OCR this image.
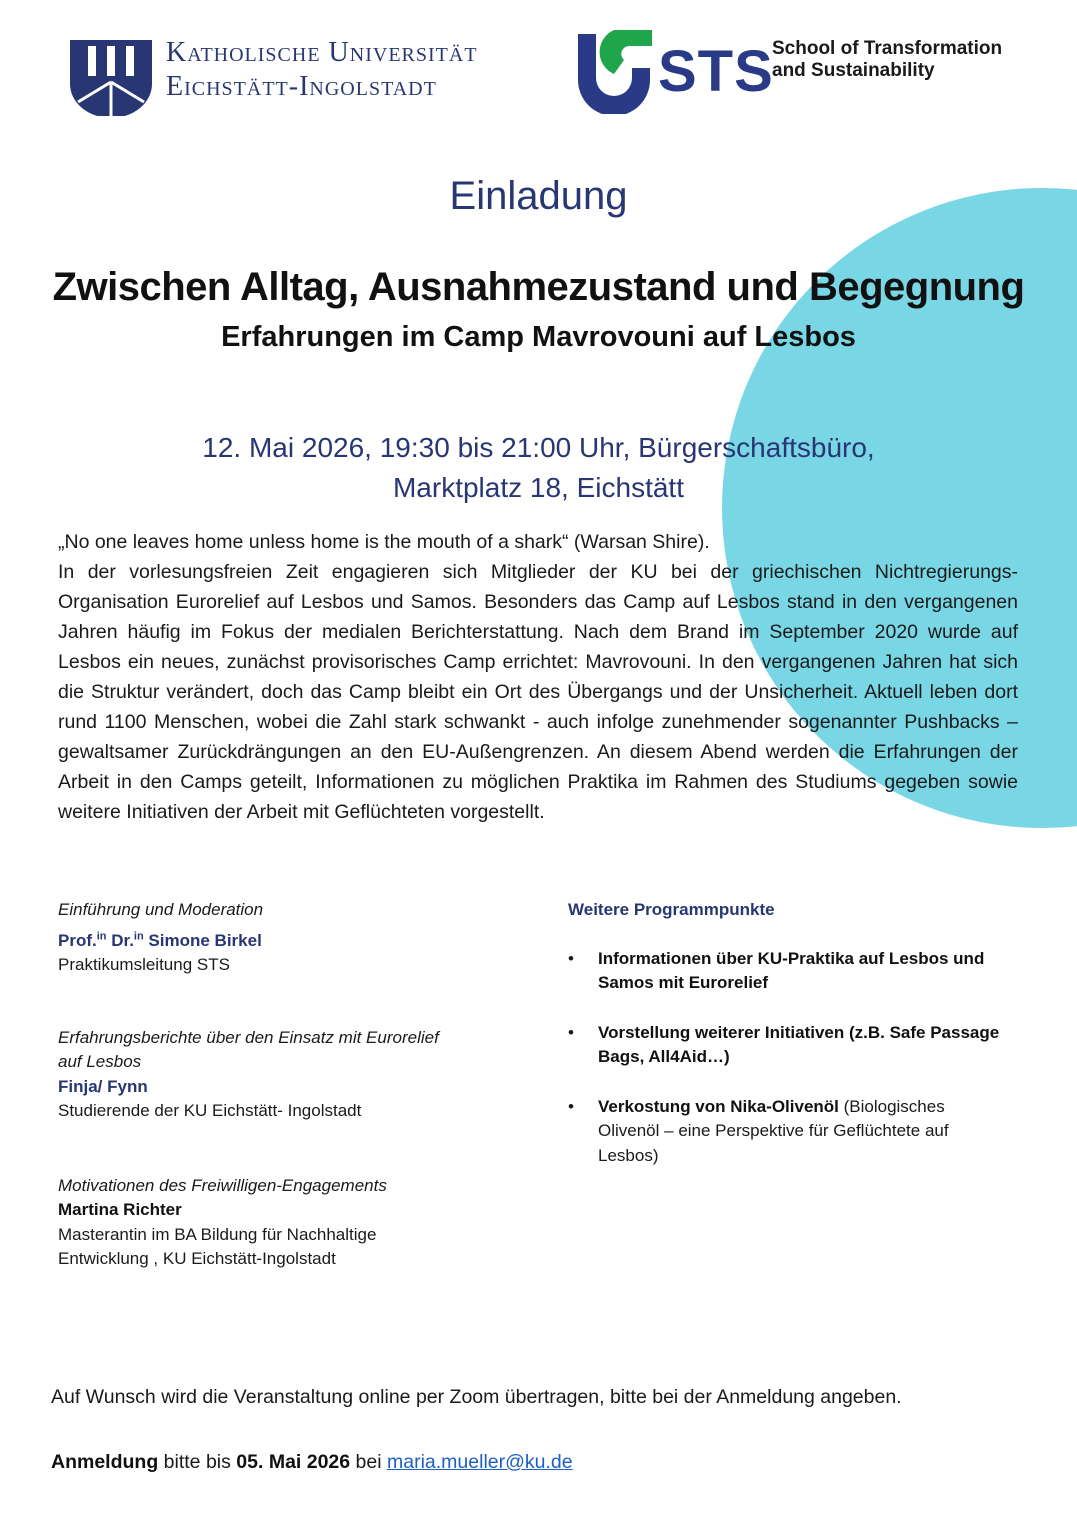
Katholische Universität
Eichstätt-Ingolstadt	STS
School of Transformation
and Sustainability
Einladung
Zwischen Alltag, Ausnahmezustand und Begegnung
Erfahrungen im Camp Mavrovouni auf Lesbos
12. Mai 2026, 19:30 bis 21:00 Uhr, Bürgerschaftsbüro,
Marktplatz 18, Eichstätt

„No one leaves home unless home is the mouth of a shark“ (Warsan Shire).

In der vorlesungsfreien Zeit engagieren sich Mitglieder der KU bei der griechischen Nichtregierungs-Organisation Eurorelief auf Lesbos und Samos. Besonders das Camp auf Lesbos stand in den vergangenen Jahren häufig im Fokus der medialen Berichterstattung. Nach dem Brand im September 2020 wurde auf Lesbos ein neues, zunächst provisorisches Camp errichtet: Mavrovouni. In den vergangenen Jahren hat sich die Struktur verändert, doch das Camp bleibt ein Ort des Übergangs und der Unsicherheit. Aktuell leben dort rund 1100 Menschen, wobei die Zahl stark schwankt - auch infolge zunehmender sogenannter Pushbacks – gewaltsamer Zurückdrängungen an den EU-Außengrenzen. An diesem Abend werden die Erfahrungen der Arbeit in den Camps geteilt, Informationen zu möglichen Praktika im Rahmen des Studiums gegeben sowie weitere Initiativen der Arbeit mit Geflüchteten vorgestellt.

Einführung und Moderation
Prof.$^{in}$ Dr.$^{in}$ Simone Birkel
Praktikumsleitung STS
Erfahrungsberichte über den Einsatz mit Eurorelief
auf Lesbos
Finja/ Fynn
Studierende der KU Eichstätt- Ingolstadt
Motivationen des Freiwilligen-Engagements
Martina Richter
Masterantin im BA Bildung für Nachhaltige
Entwicklung , KU Eichstätt-Ingolstadt
Weitere Programmpunkte
• Informationen über KU-Praktika auf Lesbos und Samos mit Eurorelief
• Vorstellung weiterer Initiativen (z.B. Safe Passage Bags, All4Aid…)
• Verkostung von Nika-Olivenöl (Biologisches Olivenöl – eine Perspektive für Geflüchtete auf Lesbos)
Auf Wunsch wird die Veranstaltung online per Zoom übertragen, bitte bei der Anmeldung angeben.
Anmeldung bitte bis 05. Mai 2026 bei maria.mueller@ku.de
